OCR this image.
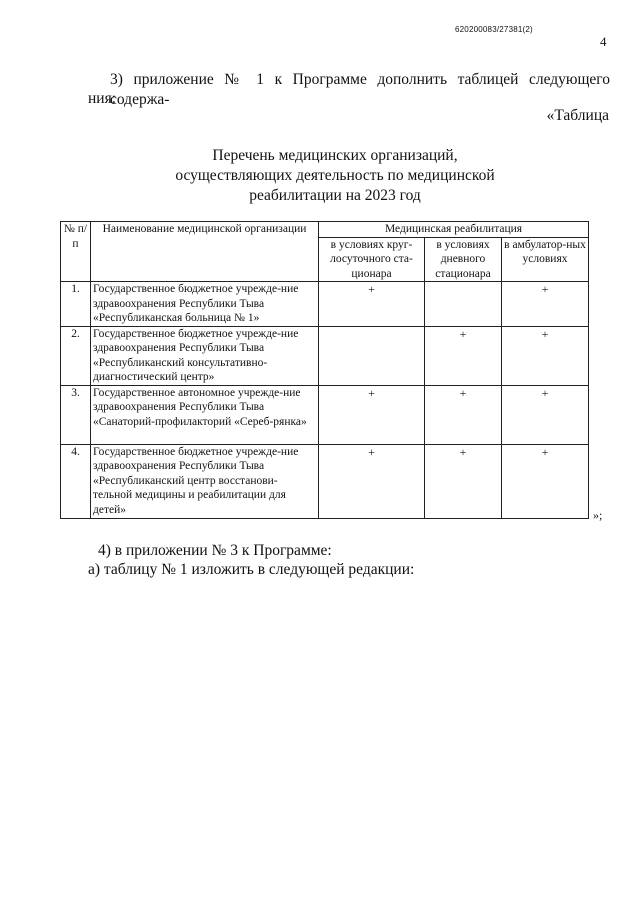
620200083/27381(2)
4
3) приложение № 1 к Программе дополнить таблицей следующего содержа-
ния:
«Таблица
Перечень медицинских организаций,
осуществляющих деятельность по медицинской
реабилитации на 2023 год
№ п/п	Наименование медицинской организации	Медицинская реабилитация		
		в условиях круг-лосуточного ста-ционара	в условиях дневного стационара	в амбулатор-ных условиях
1.	Государственное бюджетное учрежде-ние здравоохранения Республики Тыва «Республиканская больница № 1»	+		+
2.	Государственное бюджетное учрежде-ние здравоохранения Республики Тыва «Республиканский консультативно-диагностический центр»		+	+
3.	Государственное автономное учрежде-ние здравоохранения Республики Тыва «Санаторий-профилакторий «Сереб-рянка»	+	+	+
4.	Государственное бюджетное учрежде-ние здравоохранения Республики Тыва «Республиканский центр восстанови-тельной медицины и реабилитации для детей»	+	+	+
»;
4) в приложении № 3 к Программе:
а) таблицу № 1 изложить в следующей редакции:
